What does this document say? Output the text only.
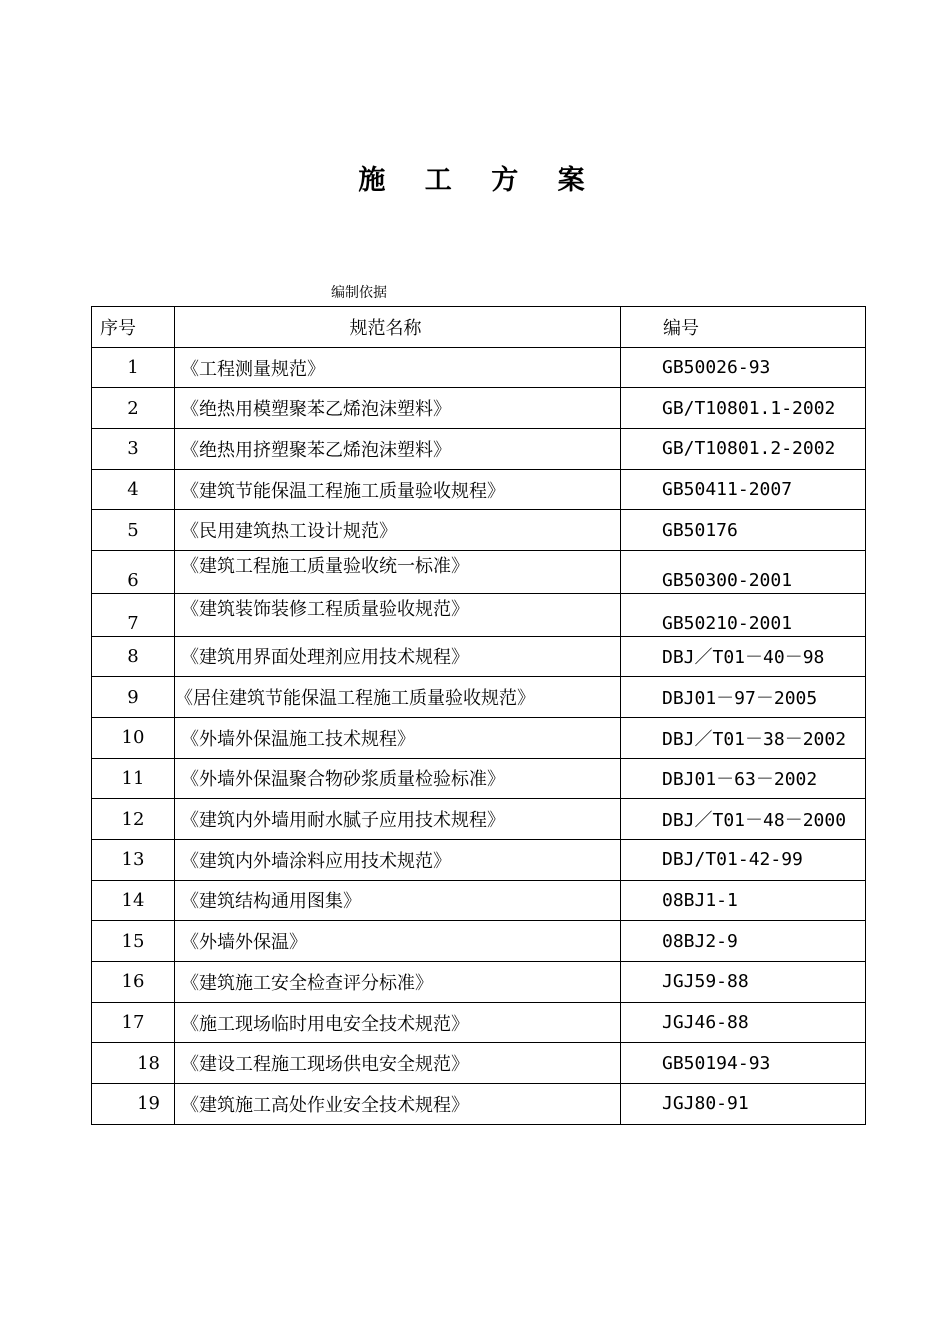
施 工 方 案
编制依据
序号	规范名称	编号
1	《工程测量规范》	GB50026-93
2	《绝热用模塑聚苯乙烯泡沫塑料》	GB/T10801.1-2002
3	《绝热用挤塑聚苯乙烯泡沫塑料》	GB/T10801.2-2002
4	《建筑节能保温工程施工质量验收规程》	GB50411-2007
5	《民用建筑热工设计规范》	GB50176
6	《建筑工程施工质量验收统一标准》	GB50300-2001
7	《建筑装饰装修工程质量验收规范》	GB50210-2001
8	《建筑用界面处理剂应用技术规程》	DBJ／T01－40－98
9	《居住建筑节能保温工程施工质量验收规范》	DBJ01－97－2005
10	《外墙外保温施工技术规程》	DBJ／T01－38－2002
11	《外墙外保温聚合物砂浆质量检验标准》	DBJ01－63－2002
12	《建筑内外墙用耐水腻子应用技术规程》	DBJ／T01－48－2000
13	《建筑内外墙涂料应用技术规范》	DBJ/T01-42-99
14	《建筑结构通用图集》	08BJ1-1
15	《外墙外保温》	08BJ2-9
16	《建筑施工安全检查评分标准》	JGJ59-88
17	《施工现场临时用电安全技术规范》	JGJ46-88
18	《建设工程施工现场供电安全规范》	GB50194-93
19	《建筑施工高处作业安全技术规程》	JGJ80-91
